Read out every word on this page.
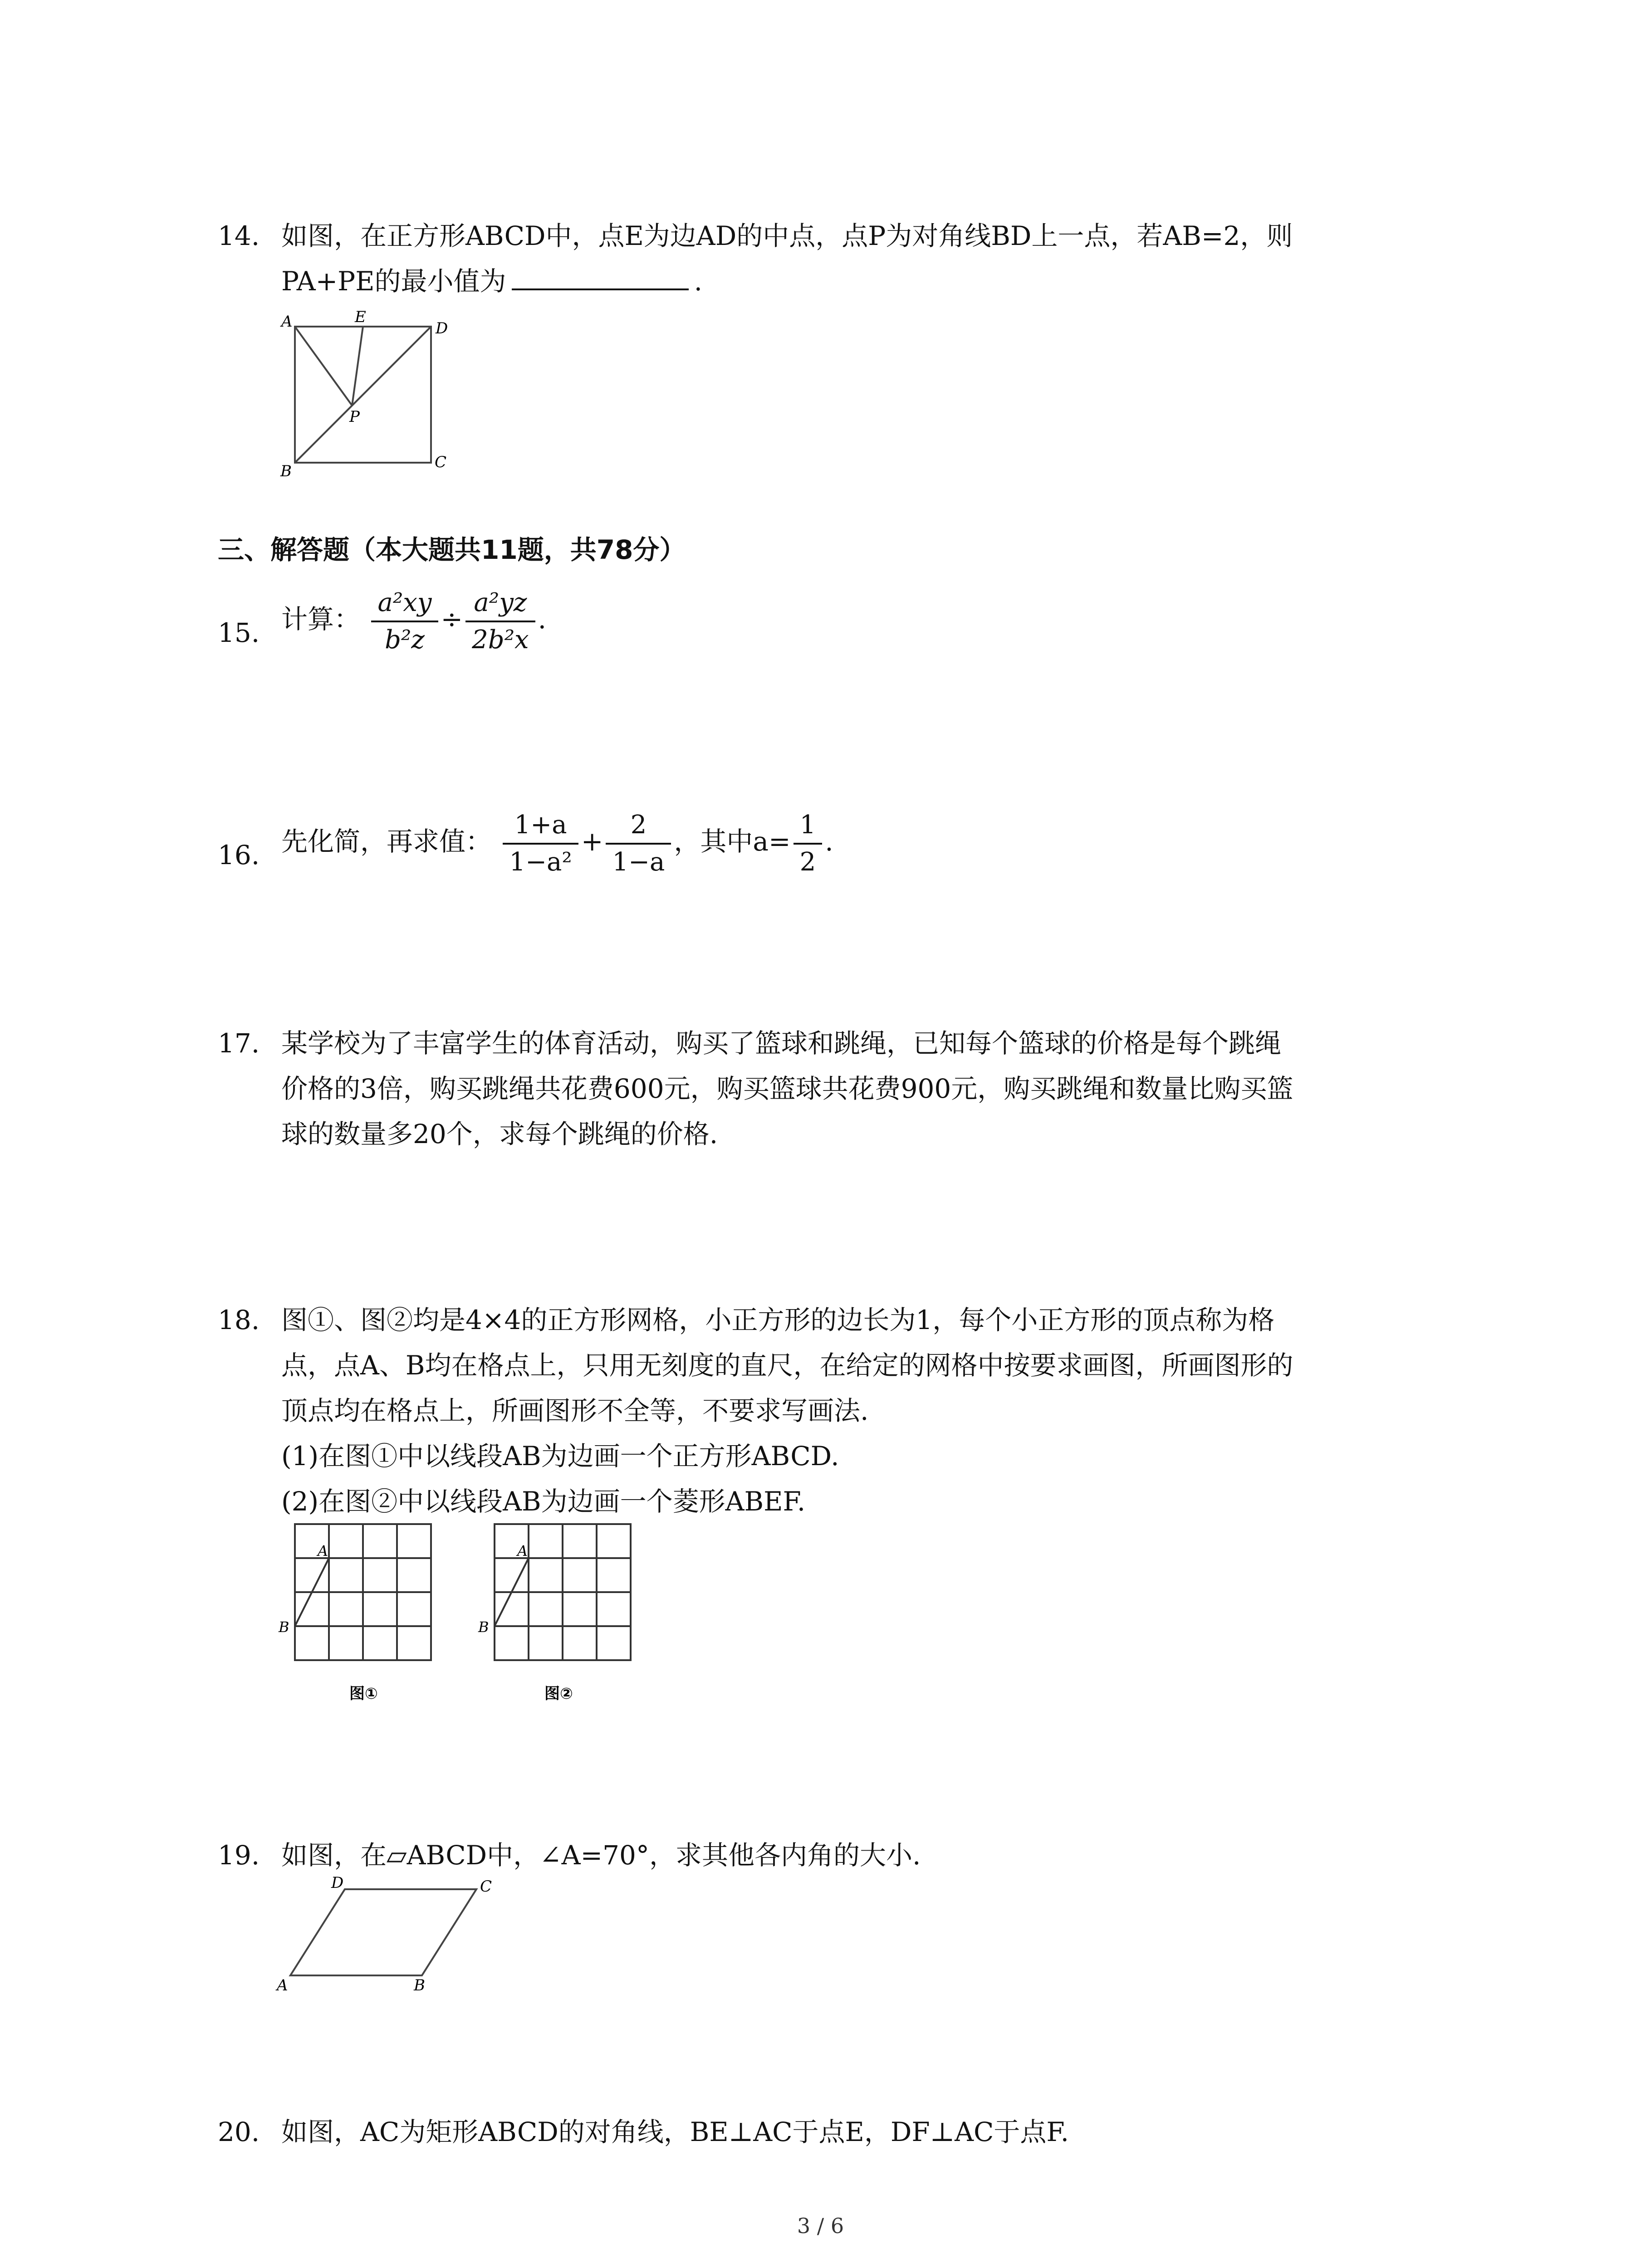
14. 如图，在正方形ABCD中，点E为边AD的中点，点P为对角线BD上一点，若AB=2，则
PA+PE的最小值为	.
A	E
D
P
B	C
三、解答题（本大题共11题，共78分）
15. 计算： $\frac{\text{a²xy}}{\text{b²z}} \div \frac{\text{a²yz}}{\text{2b²x}}$ .
16. 先化简，再求值： $\frac{1+a}{\text{1−a²}} + \frac{2}{1-a}$ ，其中$a= \frac{1}{2}$ .
17. 某学校为了丰富学生的体育活动，购买了篮球和跳绳，已知每个篮球的价格是每个跳绳
价格的3倍，购买跳绳共花费600元，购买篮球共花费900元，购买跳绳和数量比购买篮
球的数量多20个，求每个跳绳的价格.
18. 图①、图②均是4×4的正方形网格，小正方形的边长为1，每个小正方形的顶点称为格
点，点A、B均在格点上，只用无刻度的直尺，在给定的网格中按要求画图，所画图形的
顶点均在格点上，所画图形不全等，不要求写画法.
(1)在图①中以线段AB为边画一个正方形ABCD.
(2)在图②中以线段AB为边画一个菱形ABEF.
A
B
图①
A
B
图②
19. 如图，在▱ABCD中，∠A=70°，求其他各内角的大小.
A	B
C
D
20. 如图，AC为矩形ABCD的对角线，BE⊥AC于点E，DF⊥AC于点F.
3 / 6
